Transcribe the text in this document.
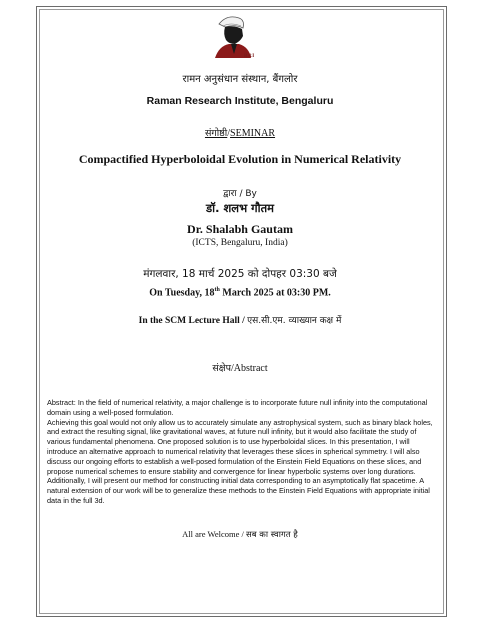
RRI
रामन अनुसंधान संस्थान, बैंगलोर
Raman Research Institute, Bengaluru
संगोष्ठी/SEMINAR
Compactified Hyperboloidal Evolution in Numerical Relativity
द्वारा / By
डॉ. शलभ गौतम
Dr. Shalabh Gautam
(ICTS, Bengaluru, India)
मंगलवार, 18 मार्च 2025 को दोपहर 03:30 बजे
On Tuesday, 18th March 2025 at 03:30 PM.
In the SCM Lecture Hall / एस.सी.एम. व्याख्यान कक्ष में
संक्षेप/Abstract

Abstract: In the field of numerical relativity, a major challenge is to incorporate future null infinity into the computational domain using a well-posed formulation.

Achieving this goal would not only allow us to accurately simulate any astrophysical system, such as binary black holes, and extract the resulting signal, like gravitational waves, at future null infinity, but it would also facilitate the study of various fundamental phenomena. One proposed solution is to use hyperboloidal slices. In this presentation, I will introduce an alternative approach to numerical relativity that leverages these slices in spherical symmetry. I will also discuss our ongoing efforts to establish a well-posed formulation of the Einstein Field Equations on these slices, and propose numerical schemes to ensure stability and convergence for linear hyperbolic systems over long durations. Additionally, I will present our method for constructing initial data corresponding to an asymptotically flat spacetime. A natural extension of our work will be to generalize these methods to the Einstein Field Equations with appropriate initial data in the full 3d.

All are Welcome / सब का स्वागत है
